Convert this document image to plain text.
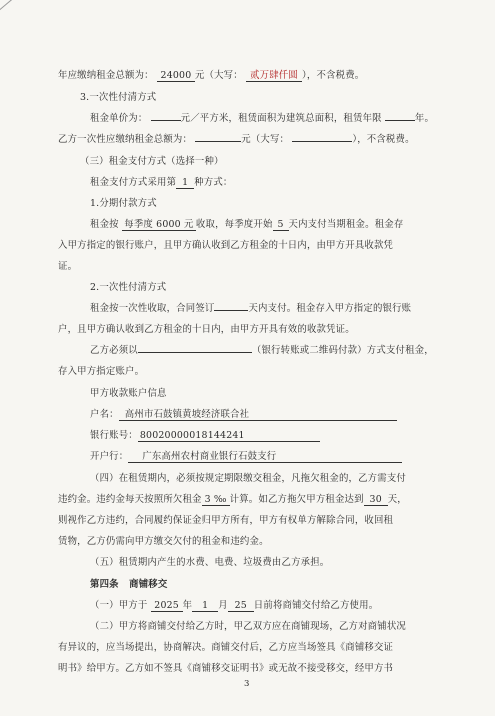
年应缴纳租金总额为： 24000 元（大写： 贰万肆仟圆 ），不含税费。
3.一次性付清方式
租金单价为：	元／平方米，租赁面积为建筑总面积，租赁年限	年。
乙方一次性应缴纳租金总额为：	元（大写：	），不含税费。
（三）租金支付方式（选择一种）
租金支付方式采用第 1 种方式：
1.分期付款方式
租金按 每季度 6000 元 收取，每季度开始 5 天内支付当期租金。租金存
入甲方指定的银行账户，且甲方确认收到乙方租金的十日内，由甲方开具收款凭
证。
2.一次性付清方式
租金按一次性收取，合同签订	天内支付。租金存入甲方指定的银行账
户，且甲方确认收到乙方租金的十日内，由甲方开具有效的收款凭证。
乙方必须以	（银行转账或二维码付款）方式支付租金，
存入甲方指定账户。
甲方收款账户信息
户名： 高州市石鼓镇黄坡经济联合社
银行账号： 80020000018144241
开户行： 广东高州农村商业银行石鼓支行
（四）在租赁期内，必须按规定期限缴交租金，凡拖欠租金的，乙方需支付
违约金。违约金每天按照所欠租金 3 ‰ 计算。如乙方拖欠甲方租金达到 30 天，
则视作乙方违约，合同履约保证金归甲方所有，甲方有权单方解除合同，收回租
赁物，乙方仍需向甲方缴交欠付的租金和违约金。
（五）租赁期内产生的水费、电费、垃圾费由乙方承担。
第四条 商铺移交
（一）甲方于 2025 年 1 月 25 日前将商铺交付给乙方使用。
（二）甲方将商铺交付给乙方时，甲乙双方应在商铺现场，乙方对商铺状况
有异议的，应当场提出，协商解决。商铺交付后，乙方应当场签具《商铺移交证
明书》给甲方。乙方如不签具《商铺移交证明书》或无故不接受移交，经甲方书
3
